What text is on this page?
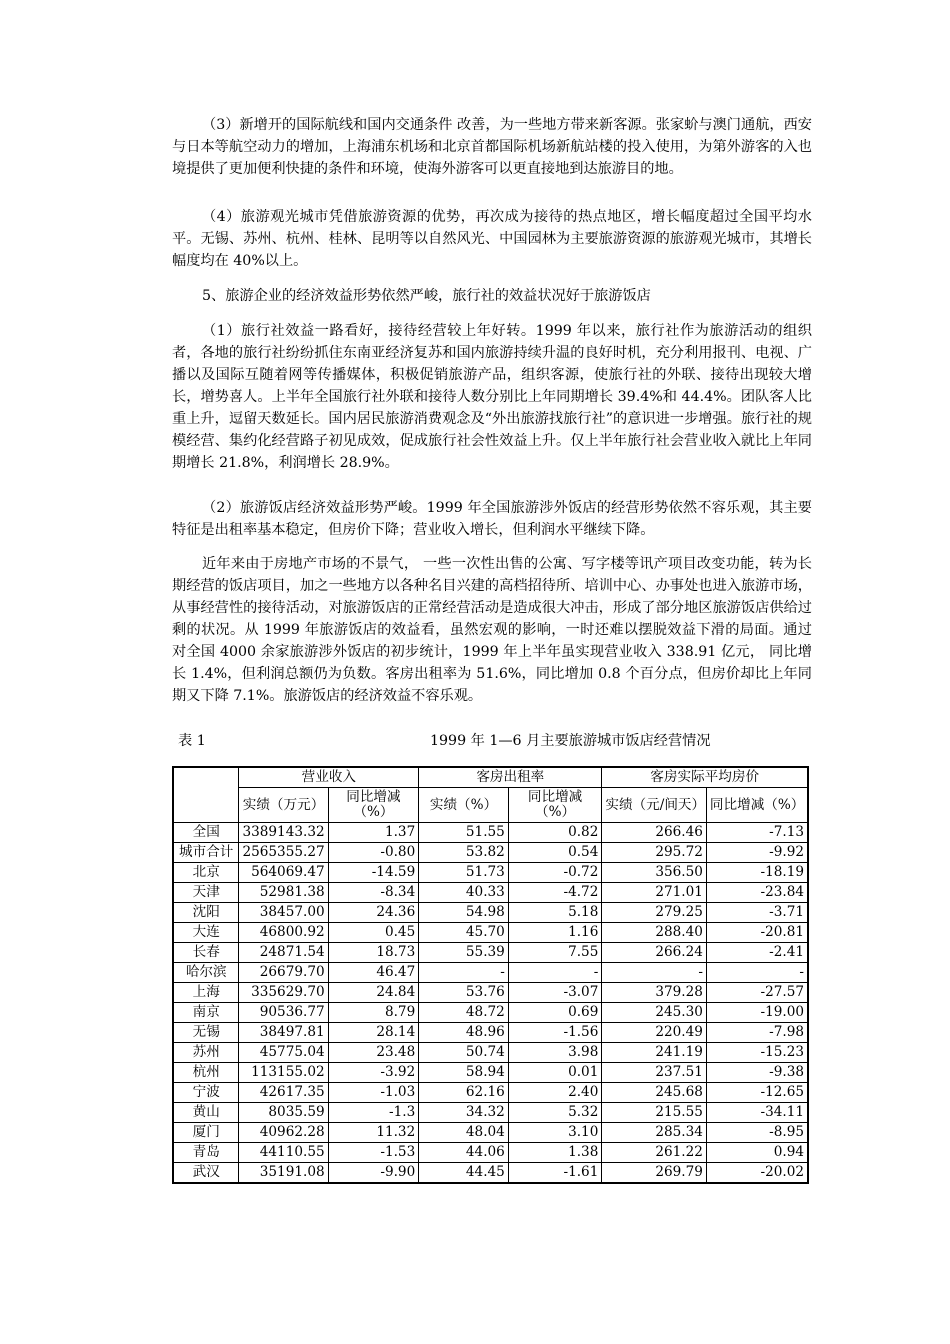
（3）新增开的国际航线和国内交通条件 改善，为一些地方带来新客源。张家蚧与澳门通航，西安与日本等航空动力的增加，上海浦东机场和北京首都国际机场新航站楼的投入使用，为第外游客的入也境提供了更加便利快捷的条件和环境，使海外游客可以更直接地到达旅游目的地。

（4）旅游观光城市凭借旅游资源的优势，再次成为接待的热点地区，增长幅度超过全国平均水平。无锡、苏州、杭州、桂林、昆明等以自然风光、中国园林为主要旅游资源的旅游观光城市，其增长幅度均在 40%以上。

5、旅游企业的经济效益形势依然严峻，旅行社的效益状况好于旅游饭店

（1）旅行社效益一路看好，接待经营较上年好转。1999 年以来，旅行社作为旅游活动的组织者，各地的旅行社纷纷抓住东南亚经济复苏和国内旅游持续升温的良好时机，充分利用报刊、电视、广播以及国际互随着网等传播媒体，积极促销旅游产品，组织客源，使旅行社的外联、接待出现较大增长，增势喜人。上半年全国旅行社外联和接待人数分别比上年同期增长 39.4%和 44.4%。团队客人比重上升，逗留天数延长。国内居民旅游消费观念及“外出旅游找旅行社”的意识进一步增强。旅行社的规模经营、集约化经营路子初见成效，促成旅行社会性效益上升。仅上半年旅行社会营业收入就比上年同期增长 21.8%，利润增长 28.9%。

（2）旅游饭店经济效益形势严峻。1999 年全国旅游涉外饭店的经营形势依然不容乐观，其主要特征是出租率基本稳定，但房价下降；营业收入增长，但利润水平继续下降。

近年来由于房地产市场的不景气， 一些一次性出售的公寓、写字楼等讯产项目改变功能，转为长期经营的饭店项目，加之一些地方以各种名目兴建的高档招待所、培训中心、办事处也进入旅游市场，从事经营性的接待活动，对旅游饭店的正常经营活动是造成很大冲击，形成了部分地区旅游饭店供给过剩的状况。从 1999 年旅游饭店的效益看，虽然宏观的影响，一时还难以摆脱效益下滑的局面。通过对全国 4000 余家旅游涉外饭店的初步统计，1999 年上半年虽实现营业收入 338.91 亿元， 同比增长 1.4%，但利润总额仍为负数。客房出租率为 51.6%，同比增加 0.8 个百分点，但房价却比上年同期又下降 7.1%。旅游饭店的经济效益不容乐观。

表 1	1999 年 1—6 月主要旅游城市饭店经营情况
	营业收入		客房出租率		客房实际平均房价	
	实绩（万元）	同比增减（%）	实绩（%）	同比增减（%）	实绩（元/间天）	同比增减（%）
全国	3389143.32	1.37	51.55	0.82	266.46	-7.13
城市合计	2565355.27	-0.80	53.82	0.54	295.72	-9.92
北京	564069.47	-14.59	51.73	-0.72	356.50	-18.19
天津	52981.38	-8.34	40.33	-4.72	271.01	-23.84
沈阳	38457.00	24.36	54.98	5.18	279.25	-3.71
大连	46800.92	0.45	45.70	1.16	288.40	-20.81
长春	24871.54	18.73	55.39	7.55	266.24	-2.41
哈尔滨	26679.70	46.47	-	-	-	-
上海	335629.70	24.84	53.76	-3.07	379.28	-27.57
南京	90536.77	8.79	48.72	0.69	245.30	-19.00
无锡	38497.81	28.14	48.96	-1.56	220.49	-7.98
苏州	45775.04	23.48	50.74	3.98	241.19	-15.23
杭州	113155.02	-3.92	58.94	0.01	237.51	-9.38
宁波	42617.35	-1.03	62.16	2.40	245.68	-12.65
黄山	8035.59	-1.3	34.32	5.32	215.55	-34.11
厦门	40962.28	11.32	48.04	3.10	285.34	-8.95
青岛	44110.55	-1.53	44.06	1.38	261.22	0.94
武汉	35191.08	-9.90	44.45	-1.61	269.79	-20.02
